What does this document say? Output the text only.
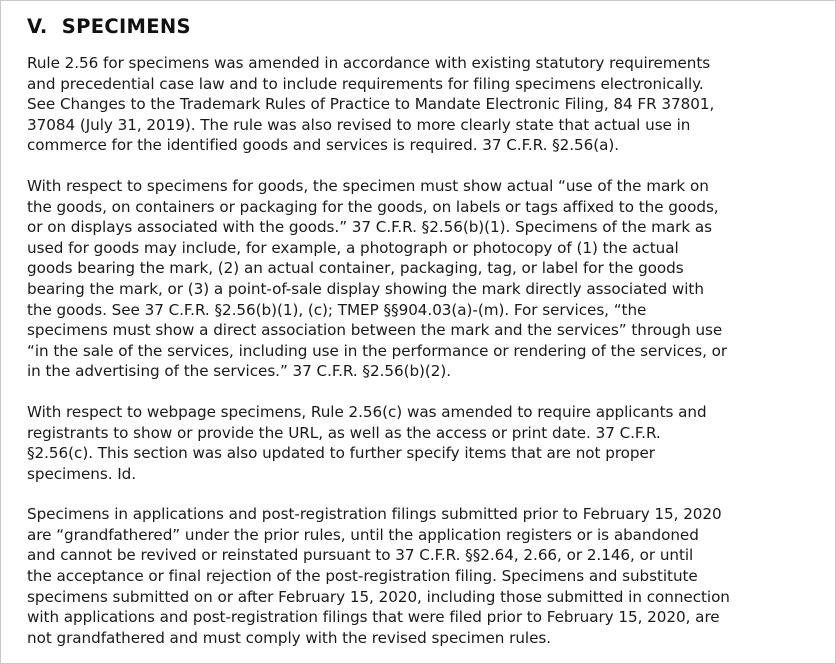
V. SPECIMENS

Rule 2.56 for specimens was amended in accordance with existing statutory requirements
and precedential case law and to include requirements for filing specimens electronically.
See Changes to the Trademark Rules of Practice to Mandate Electronic Filing, 84 FR 37801,
37084 (July 31, 2019). The rule was also revised to more clearly state that actual use in
commerce for the identified goods and services is required. 37 C.F.R. §2.56(a).

With respect to specimens for goods, the specimen must show actual “use of the mark on
the goods, on containers or packaging for the goods, on labels or tags affixed to the goods,
or on displays associated with the goods.” 37 C.F.R. §2.56(b)(1). Specimens of the mark as
used for goods may include, for example, a photograph or photocopy of (1) the actual
goods bearing the mark, (2) an actual container, packaging, tag, or label for the goods
bearing the mark, or (3) a point-of-sale display showing the mark directly associated with
the goods. See 37 C.F.R. §2.56(b)(1), (c); TMEP §§904.03(a)-(m). For services, “the
specimens must show a direct association between the mark and the services” through use
“in the sale of the services, including use in the performance or rendering of the services, or
in the advertising of the services.” 37 C.F.R. §2.56(b)(2).

With respect to webpage specimens, Rule 2.56(c) was amended to require applicants and
registrants to show or provide the URL, as well as the access or print date. 37 C.F.R.
§2.56(c). This section was also updated to further specify items that are not proper
specimens. Id.

Specimens in applications and post-registration filings submitted prior to February 15, 2020
are “grandfathered” under the prior rules, until the application registers or is abandoned
and cannot be revived or reinstated pursuant to 37 C.F.R. §§2.64, 2.66, or 2.146, or until
the acceptance or final rejection of the post-registration filing. Specimens and substitute
specimens submitted on or after February 15, 2020, including those submitted in connection
with applications and post-registration filings that were filed prior to February 15, 2020, are
not grandfathered and must comply with the revised specimen rules.
